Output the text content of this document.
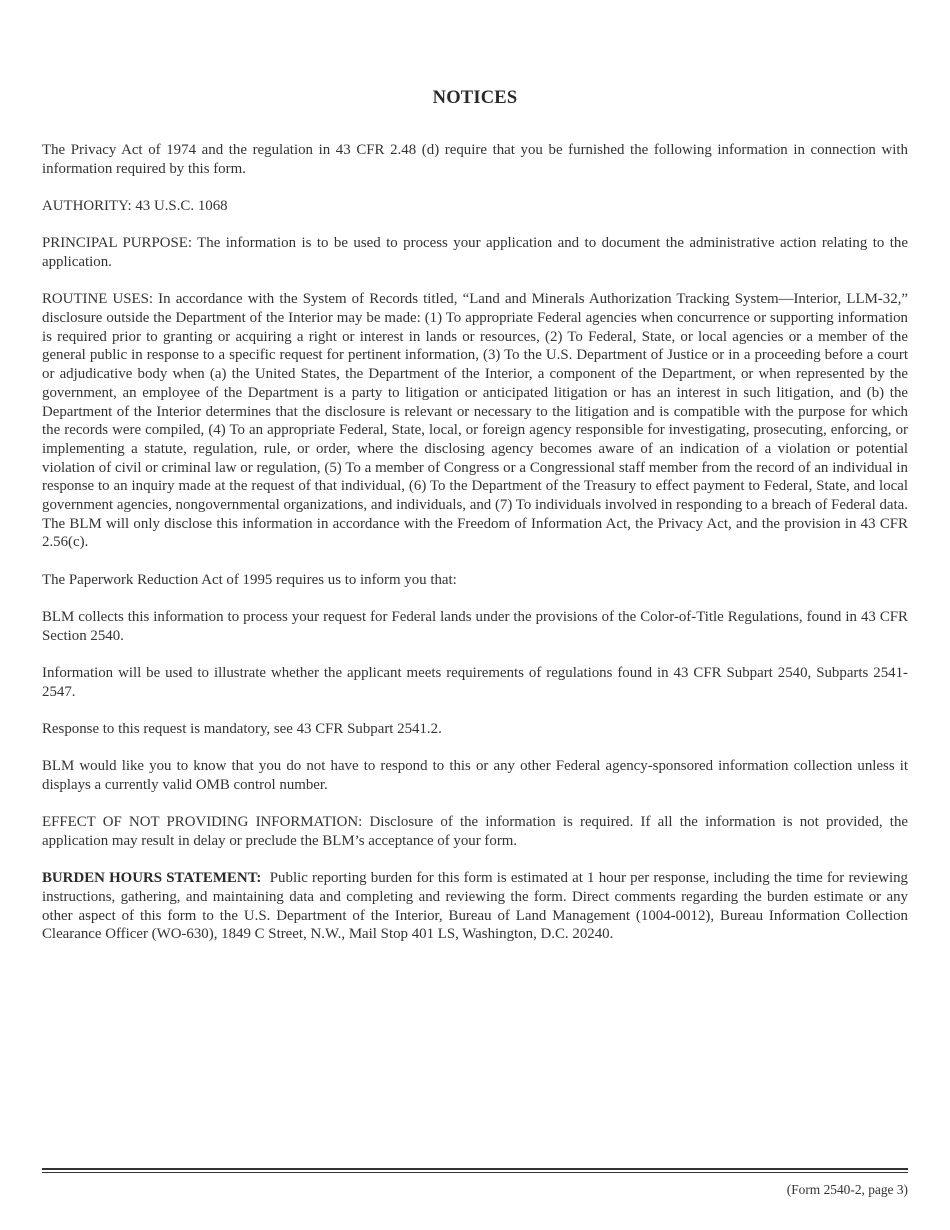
NOTICES

The Privacy Act of 1974 and the regulation in 43 CFR 2.48 (d) require that you be furnished the following information in connection with information required by this form.

AUTHORITY: 43 U.S.C. 1068

PRINCIPAL PURPOSE: The information is to be used to process your application and to document the administrative action relating to the application.

ROUTINE USES: In accordance with the System of Records titled, “Land and Minerals Authorization Tracking System—Interior, LLM-32,” disclosure outside the Department of the Interior may be made: (1) To appropriate Federal agencies when concurrence or supporting information is required prior to granting or acquiring a right or interest in lands or resources, (2) To Federal, State, or local agencies or a member of the general public in response to a specific request for pertinent information, (3) To the U.S. Department of Justice or in a proceeding before a court or adjudicative body when (a) the United States, the Department of the Interior, a component of the Department, or when represented by the government, an employee of the Department is a party to litigation or anticipated litigation or has an interest in such litigation, and (b) the Department of the Interior determines that the disclosure is relevant or necessary to the litigation and is compatible with the purpose for which the records were compiled, (4) To an appropriate Federal, State, local, or foreign agency responsible for investigating, prosecuting, enforcing, or implementing a statute, regulation, rule, or order, where the disclosing agency becomes aware of an indication of a violation or potential violation of civil or criminal law or regulation, (5) To a member of Congress or a Congressional staff member from the record of an individual in response to an inquiry made at the request of that individual, (6) To the Department of the Treasury to effect payment to Federal, State, and local government agencies, nongovernmental organizations, and individuals, and (7) To individuals involved in responding to a breach of Federal data. The BLM will only disclose this information in accordance with the Freedom of Information Act, the Privacy Act, and the provision in 43 CFR 2.56(c).

The Paperwork Reduction Act of 1995 requires us to inform you that:

BLM collects this information to process your request for Federal lands under the provisions of the Color-of-Title Regulations, found in 43 CFR Section 2540.

Information will be used to illustrate whether the applicant meets requirements of regulations found in 43 CFR Subpart 2540, Subparts 2541-2547.

Response to this request is mandatory, see 43 CFR Subpart 2541.2.

BLM would like you to know that you do not have to respond to this or any other Federal agency-sponsored information collection unless it displays a currently valid OMB control number.

EFFECT OF NOT PROVIDING INFORMATION: Disclosure of the information is required. If all the information is not provided, the application may result in delay or preclude the BLM’s acceptance of your form.

BURDEN HOURS STATEMENT: Public reporting burden for this form is estimated at 1 hour per response, including the time for reviewing instructions, gathering, and maintaining data and completing and reviewing the form. Direct comments regarding the burden estimate or any other aspect of this form to the U.S. Department of the Interior, Bureau of Land Management (1004-0012), Bureau Information Collection Clearance Officer (WO-630), 1849 C Street, N.W., Mail Stop 401 LS, Washington, D.C. 20240.

(Form 2540-2, page 3)
